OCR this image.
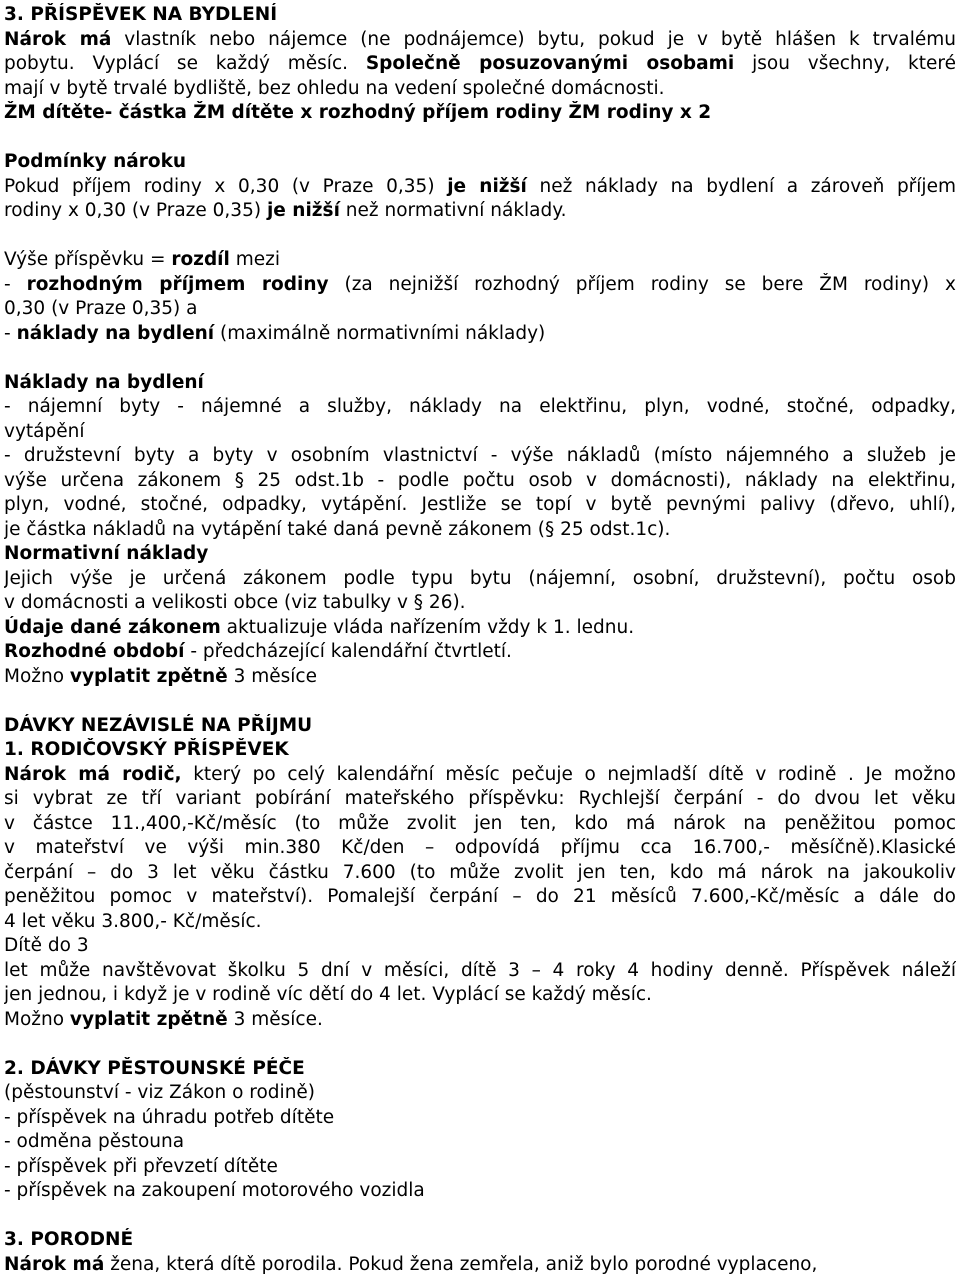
3. PŘÍSPĚVEK NA BYDLENÍ
Nárok má vlastník nebo nájemce (ne podnájemce) bytu, pokud je v bytě hlášen k trvalému
pobytu. Vyplácí se každý měsíc. Společně posuzovanými osobami jsou všechny, které
mají v bytě trvalé bydliště, bez ohledu na vedení společné domácnosti.
ŽM dítěte- částka ŽM dítěte x rozhodný příjem rodiny ŽM rodiny x 2
Podmínky nároku
Pokud příjem rodiny x 0,30 (v Praze 0,35) je nižší než náklady na bydlení a zároveň příjem
rodiny x 0,30 (v Praze 0,35) je nižší než normativní náklady.
Výše příspěvku = rozdíl mezi
- rozhodným příjmem rodiny (za nejnižší rozhodný příjem rodiny se bere ŽM rodiny) x
0,30 (v Praze 0,35) a
- náklady na bydlení (maximálně normativními náklady)
Náklady na bydlení
- nájemní byty - nájemné a služby, náklady na elektřinu, plyn, vodné, stočné, odpadky,
vytápění
- družstevní byty a byty v osobním vlastnictví - výše nákladů (místo nájemného a služeb je
výše určena zákonem § 25 odst.1b - podle počtu osob v domácnosti), náklady na elektřinu,
plyn, vodné, stočné, odpadky, vytápění. Jestliže se topí v bytě pevnými palivy (dřevo, uhlí),
je částka nákladů na vytápění také daná pevně zákonem (§ 25 odst.1c).
Normativní náklady
Jejich výše je určená zákonem podle typu bytu (nájemní, osobní, družstevní), počtu osob
v domácnosti a velikosti obce (viz tabulky v § 26).
Údaje dané zákonem aktualizuje vláda nařízením vždy k 1. lednu.
Rozhodné období - předcházející kalendářní čtvrtletí.
Možno vyplatit zpětně 3 měsíce
DÁVKY NEZÁVISLÉ NA PŘÍJMU
1. RODIČOVSKÝ PŘÍSPĚVEK
Nárok má rodič, který po celý kalendářní měsíc pečuje o nejmladší dítě v rodině . Je možno
si vybrat ze tří variant pobírání mateřského příspěvku: Rychlejší čerpání - do dvou let věku
v částce 11.,400,-Kč/měsíc (to může zvolit jen ten, kdo má nárok na peněžitou pomoc
v mateřství ve výši min.380 Kč/den – odpovídá příjmu cca 16.700,- měsíčně).Klasické
čerpání – do 3 let věku částku 7.600 (to může zvolit jen ten, kdo má nárok na jakoukoliv
peněžitou pomoc v mateřství). Pomalejší čerpání – do 21 měsíců 7.600,-Kč/měsíc a dále do
4 let věku 3.800,- Kč/měsíc.
Dítě do 3
let může navštěvovat školku 5 dní v měsíci, dítě 3 – 4 roky 4 hodiny denně. Příspěvek náleží
jen jednou, i když je v rodině víc dětí do 4 let. Vyplácí se každý měsíc.
Možno vyplatit zpětně 3 měsíce.
2. DÁVKY PĚSTOUNSKÉ PÉČE
(pěstounství - viz Zákon o rodině)
- příspěvek na úhradu potřeb dítěte
- odměna pěstouna
- příspěvek při převzetí dítěte
- příspěvek na zakoupení motorového vozidla
3. PORODNÉ
Nárok má žena, která dítě porodila. Pokud žena zemřela, aniž bylo porodné vyplaceno,
